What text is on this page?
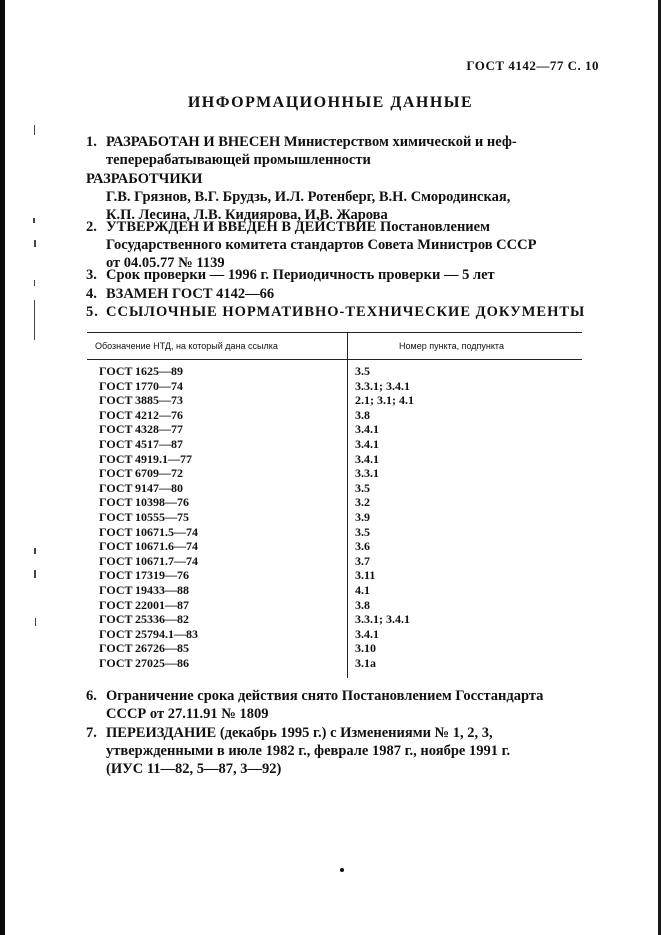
ГОСТ 4142—77 С. 10
ИНФОРМАЦИОННЫЕ ДАННЫЕ
1. РАЗРАБОТАН И ВНЕСЕН Министерством химической и неф-
теперерабатывающей промышленности
РАЗРАБОТЧИКИ
Г.В. Грязнов, В.Г. Брудзь, И.Л. Ротенберг, В.Н. Смородинская,
К.П. Лесина, Л.В. Кидиярова, И.В. Жарова
2. УТВЕРЖДЕН И ВВЕДЕН В ДЕЙСТВИЕ Постановлением
Государственного комитета стандартов Совета Министров СССР
от 04.05.77 № 1139
3. Срок проверки — 1996 г. Периодичность проверки — 5 лет
4. ВЗАМЕН ГОСТ 4142—66
5. ССЫЛОЧНЫЕ НОРМАТИВНО-ТЕХНИЧЕСКИЕ ДОКУМЕНТЫ
Обозначение НТД, на который дана ссылка	Номер пункта, подпункта
ГОСТ 1625—89
ГОСТ 1770—74
ГОСТ 3885—73
ГОСТ 4212—76
ГОСТ 4328—77
ГОСТ 4517—87
ГОСТ 4919.1—77
ГОСТ 6709—72
ГОСТ 9147—80
ГОСТ 10398—76
ГОСТ 10555—75
ГОСТ 10671.5—74
ГОСТ 10671.6—74
ГОСТ 10671.7—74
ГОСТ 17319—76
ГОСТ 19433—88
ГОСТ 22001—87
ГОСТ 25336—82
ГОСТ 25794.1—83
ГОСТ 26726—85
ГОСТ 27025—86
3.5
3.3.1; 3.4.1
2.1; 3.1; 4.1
3.8
3.4.1
3.4.1
3.4.1
3.3.1
3.5
3.2
3.9
3.5
3.6
3.7
3.11
4.1
3.8
3.3.1; 3.4.1
3.4.1
3.10
3.1а
6. Ограничение срока действия снято Постановлением Госстандарта
СССР от 27.11.91 № 1809
7. ПЕРЕИЗДАНИЕ (декабрь 1995 г.) с Изменениями № 1, 2, 3,
утвержденными в июле 1982 г., феврале 1987 г., ноябре 1991 г.
(ИУС 11—82, 5—87, 3—92)
